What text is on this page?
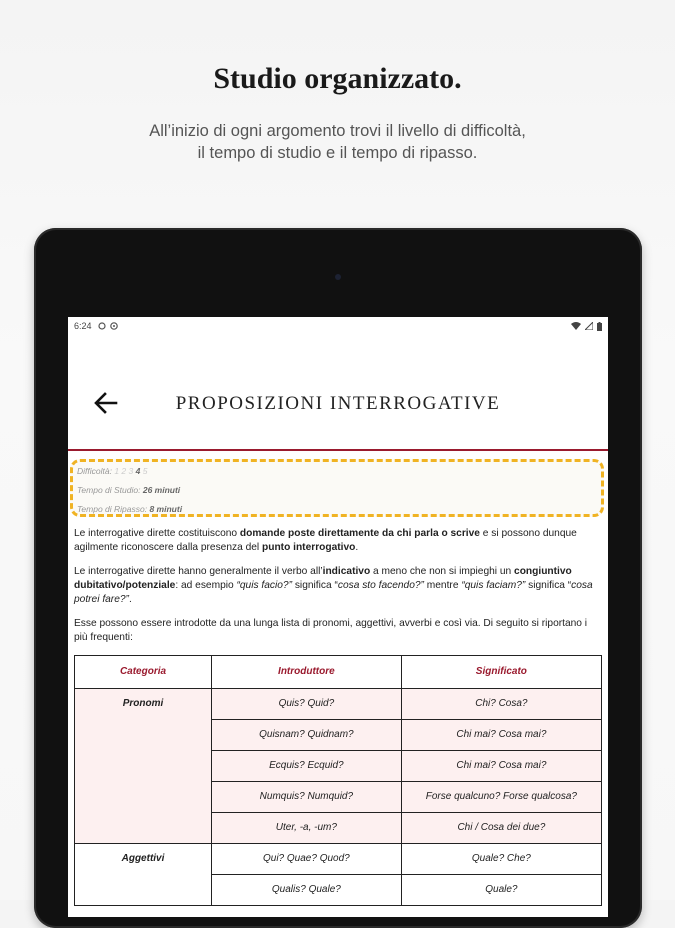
Studio organizzato.
All’inizio di ogni argomento trovi il livello di difficoltà,
il tempo di studio e il tempo di ripasso.
6:24
PROPOSIZIONI INTERROGATIVE
Difficoltà: 1 2 3 4 5
Tempo di Studio: 26 minuti
Tempo di Ripasso: 8 minuti

Le interrogative dirette costituiscono domande poste direttamente da chi parla o scrive e si possono dunque agilmente riconoscere dalla presenza del punto interrogativo.

Le interrogative dirette hanno generalmente il verbo all’indicativo a meno che non si impieghi un congiuntivo dubitativo/potenziale: ad esempio “quis facio?” significa “cosa sto facendo?” mentre “quis faciam?” significa “cosa potrei fare?”.

Esse possono essere introdotte da una lunga lista di pronomi, aggettivi, avverbi e così via. Di seguito si riportano i più frequenti:

Categoria	Introduttore	Significato
Pronomi	Quis? Quid?	Chi? Cosa?
	Quisnam? Quidnam?	Chi mai? Cosa mai?
	Ecquis? Ecquid?	Chi mai? Cosa mai?
	Numquis? Numquid?	Forse qualcuno? Forse qualcosa?
	Uter, -a, -um?	Chi / Cosa dei due?
Aggettivi	Qui? Quae? Quod?	Quale? Che?
	Qualis? Quale?	Quale?
